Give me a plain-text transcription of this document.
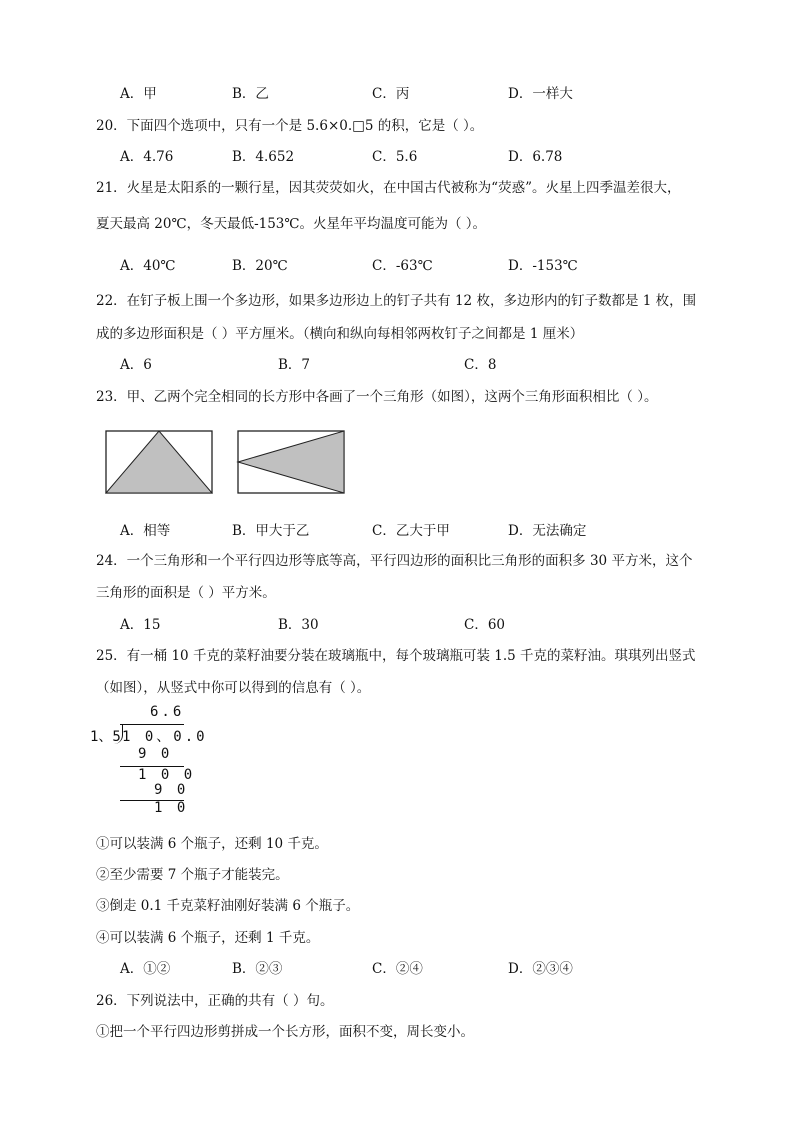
A．甲	B．乙	C．丙	D．一样大
20．下面四个选项中，只有一个是 5.6×0.□5 的积，它是（ ）。
A．4.76	B．4.652	C．5.6	D．6.78
21．火星是太阳系的一颗行星，因其荧荧如火，在中国古代被称为“荧惑”。火星上四季温差很大，
夏天最高 20℃，冬天最低-153℃。火星年平均温度可能为（ ）。
A．40℃	B．20℃	C．-63℃	D．-153℃
22．在钉子板上围一个多边形，如果多边形边上的钉子共有 12 枚，多边形内的钉子数都是 1 枚，围
成的多边形面积是（ ）平方厘米。（横向和纵向每相邻两枚钉子之间都是 1 厘米）
A．6	B．7	C．8
23．甲、乙两个完全相同的长方形中各画了一个三角形（如图），这两个三角形面积相比（ ）。
A．相等	B．甲大于乙	C．乙大于甲	D．无法确定
24．一个三角形和一个平行四边形等底等高，平行四边形的面积比三角形的面积多 30 平方米，这个
三角形的面积是（ ）平方米。
A．15	B．30	C．60
25．有一桶 10 千克的菜籽油要分装在玻璃瓶中，每个玻璃瓶可装 1.5 千克的菜籽油。琪琪列出竖式
（如图），从竖式中你可以得到的信息有（ ）。
6.6
1、5 1 0、0.0
9 0
1 0 0
9 0
1 0
①可以装满 6 个瓶子，还剩 10 千克。
②至少需要 7 个瓶子才能装完。
③倒走 0.1 千克菜籽油刚好装满 6 个瓶子。
④可以装满 6 个瓶子，还剩 1 千克。
A．①②	B．②③	C．②④	D．②③④
26．下列说法中，正确的共有（ ）句。
①把一个平行四边形剪拼成一个长方形，面积不变，周长变小。
